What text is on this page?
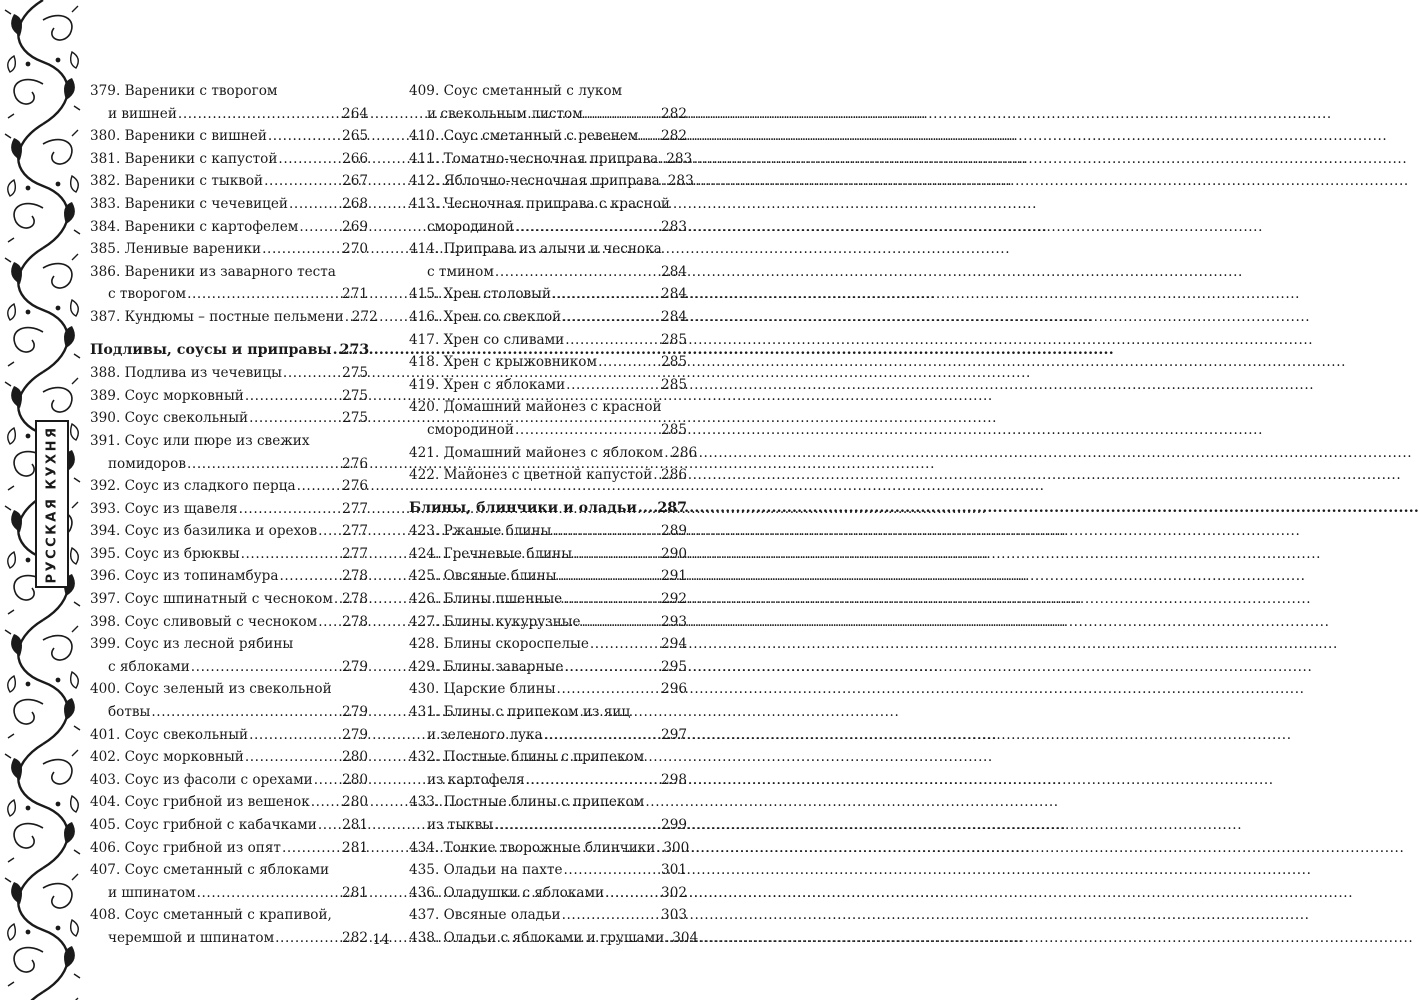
РУССКАЯ КУХНЯ
379. Вареники с творогом
и вишней .....	264
380. Вареники с вишней .....	265
381. Вареники с капустой .....	266
382. Вареники с тыквой .....	267
383. Вареники с чечевицей .....	268
384. Вареники с картофелем .....	269
385. Ленивые вареники .....	270
386. Вареники из заварного теста
с творогом .....	271
387. Кундюмы – постные пельмени ..... 272
Подливы, соусы и приправы ..... 273
388. Подлива из чечевицы .....	275
389. Соус морковный .....	275
390. Соус свекольный .....	275
391. Соус или пюре из свежих
помидоров .....	276
392. Соус из сладкого перца .....	276
393. Соус из щавеля .....	277
394. Соус из базилика и орехов ..... 277
395. Соус из брюквы .....	277
396. Соус из топинамбура .....	278
397. Соус шпинатный с чесноком ..... 278
398. Соус сливовый с чесноком ..... 278
399. Соус из лесной рябины
с яблоками .....	279
400. Соус зеленый из свекольной
ботвы .....	279
401. Соус свекольный .....	279
402. Соус морковный .....	280
403. Соус из фасоли с орехами ..... 280
404. Соус грибной из вешенок ..... 280
405. Соус грибной с кабачками ..... 281
406. Соус грибной из опят .....	281
407. Соус сметанный с яблоками
и шпинатом .....	281
408. Соус сметанный с крапивой,
черемшой и шпинатом .....	282
409. Соус сметанный с луком
и свекольным листом .....	282
410. Соус сметанный с ревенем ..... 282
411. Томатно-чесночная приправа ..... 283
412. Яблочно-чесночная приправа ..... 283
413. Чесночная приправа с красной
смородиной .....	283
414. Приправа из алычи и чеснока
с тмином .....	284
415. Хрен столовый .....	284
416. Хрен со свеклой .....	284
417. Хрен со сливами .....	285
418. Хрен с крыжовником .....	285
419. Хрен с яблоками .....	285
420. Домашний майонез с красной
смородиной .....	285
421. Домашний майонез с яблоком ..... 286
422. Майонез с цветной капустой ..... 286
Блины, блинчики и оладьи ..... 287
423. Ржаные блины .....	289
424. Гречневые блины .....	290
425. Овсяные блины .....	291
426. Блины пшенные .....	292
427. Блины кукурузные .....	293
428. Блины скороспелые .....	294
429. Блины заварные .....	295
430. Царские блины .....	296
431. Блины с припеком из яиц
и зеленого лука .....	297
432. Постные блины с припеком
из картофеля .....	298
433. Постные блины с припеком
из тыквы .....	299
434. Тонкие творожные блинчики ..... 300
435. Оладьи на пахте .....	301
436. Оладушки с яблоками .....	302
437. Овсяные оладьи .....	303
438. Оладьи с яблоками и грушами ..... 304
14
